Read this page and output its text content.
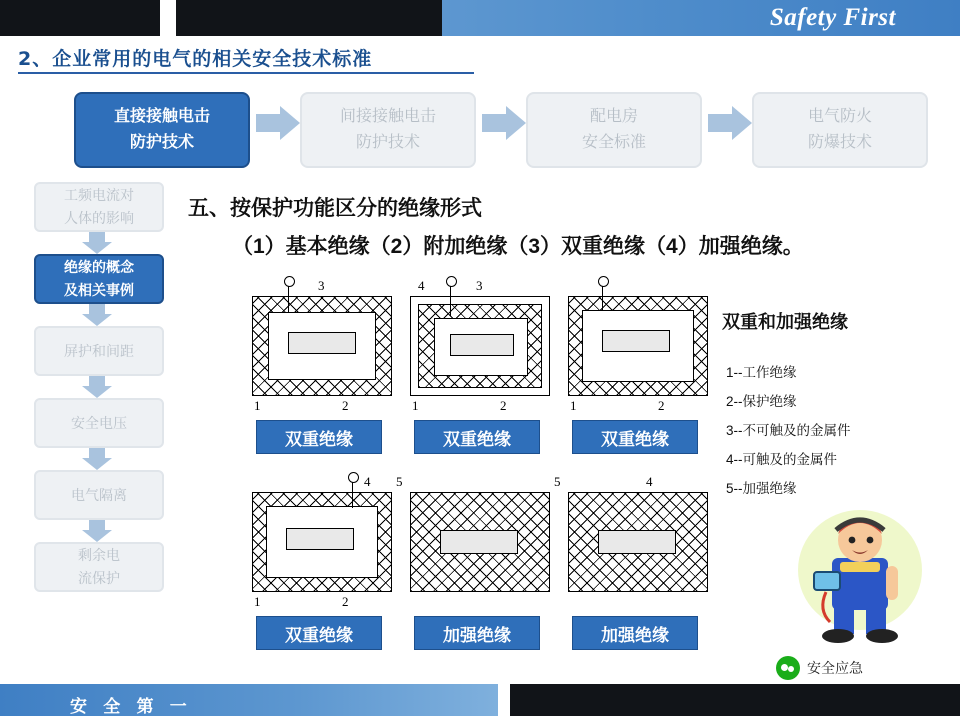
Safety First
2、企业常用的电气的相关安全技术标准
直接接触电击
防护技术
间接接触电击
防护技术
配电房
安全标准
电气防火
防爆技术
工频电流对
人体的影响
绝缘的概念
及相关事例
屏护和间距
安全电压
电气隔离
剩余电
流保护
五、按保护功能区分的绝缘形式
（1）基本绝缘（2）附加绝缘（3）双重绝缘（4）加强绝缘。
3
1	2
双重绝缘
4	3
1	2
双重绝缘
1	2
双重绝缘
4
1	2
双重绝缘
5
加强绝缘
5	4
加强绝缘
双重和加强绝缘
1--工作绝缘
2--保护绝缘
3--不可触及的金属件
4--可触及的金属件
5--加强绝缘
安全应急
安 全 第 一
